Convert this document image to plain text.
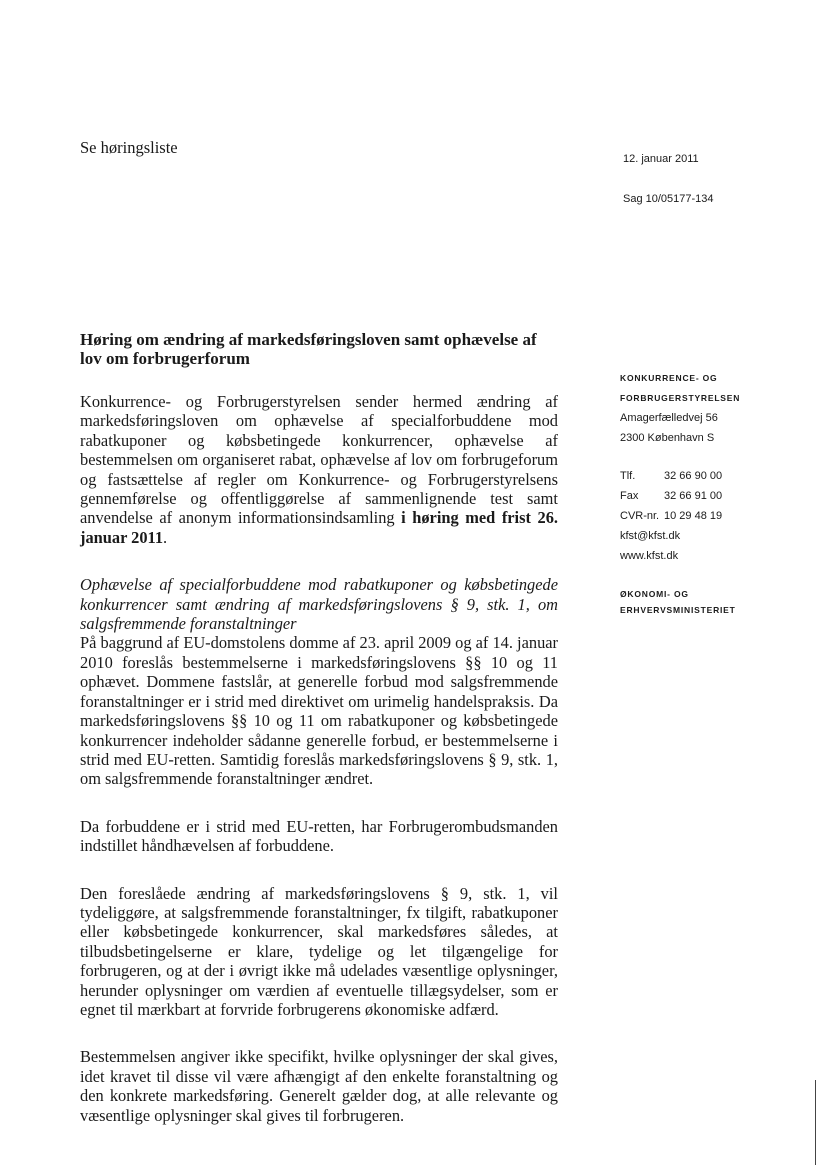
Se høringsliste
12. januar 2011
Sag 10/05177-134
Høring om ændring af markedsføringsloven samt ophævelse af lov om forbrugerforum

Konkurrence- og Forbrugerstyrelsen sender hermed ændring af markedsføringsloven om ophævelse af specialforbuddene mod rabatkuponer og købsbetingede konkurrencer, ophævelse af bestemmelsen om organiseret rabat, ophævelse af lov om forbrugeforum og fastsættelse af regler om Konkurrence- og Forbrugerstyrelsens gennemførelse og offentliggørelse af sammenlignende test samt anvendelse af anonym informationsindsamling i høring med frist 26. januar 2011.

Ophævelse af specialforbuddene mod rabatkuponer og købsbetingede konkurrencer samt ændring af markedsføringslovens § 9, stk. 1, om salgsfremmende foranstaltninger

På baggrund af EU-domstolens domme af 23. april 2009 og af 14. januar 2010 foreslås bestemmelserne i markedsføringslovens §§ 10 og 11 ophævet. Dommene fastslår, at generelle forbud mod salgsfremmende foranstaltninger er i strid med direktivet om urimelig handelspraksis. Da markedsføringslovens §§ 10 og 11 om rabatkuponer og købsbetingede konkurrencer indeholder sådanne generelle forbud, er bestemmelserne i strid med EU-retten. Samtidig foreslås markedsføringslovens § 9, stk. 1, om salgsfremmende foranstaltninger ændret.

Da forbuddene er i strid med EU-retten, har Forbrugerombudsmanden indstillet håndhævelsen af forbuddene.

Den foreslåede ændring af markedsføringslovens § 9, stk. 1, vil tydeliggøre, at salgsfremmende foranstaltninger, fx tilgift, rabatkuponer eller købsbetingede konkurrencer, skal markedsføres således, at tilbudsbetingelserne er klare, tydelige og let tilgængelige for forbrugeren, og at der i øvrigt ikke må udelades væsentlige oplysninger, herunder oplysninger om værdien af eventuelle tillægsydelser, som er egnet til mærkbart at forvride forbrugerens økonomiske adfærd.

Bestemmelsen angiver ikke specifikt, hvilke oplysninger der skal gives, idet kravet til disse vil være afhængigt af den enkelte foranstaltning og den konkrete markedsføring. Generelt gælder dog, at alle relevante og væsentlige oplysninger skal gives til forbrugeren.

KONKURRENCE- OG
FORBRUGERSTYRELSEN
Amagerfælledvej 56
2300 København S
Tlf.	32 66 90 00
Fax 32 66 91 00
CVR-nr. 10 29 48 19
kfst@kfst.dk
www.kfst.dk
ØKONOMI- OG
ERHVERVSMINISTERIET
